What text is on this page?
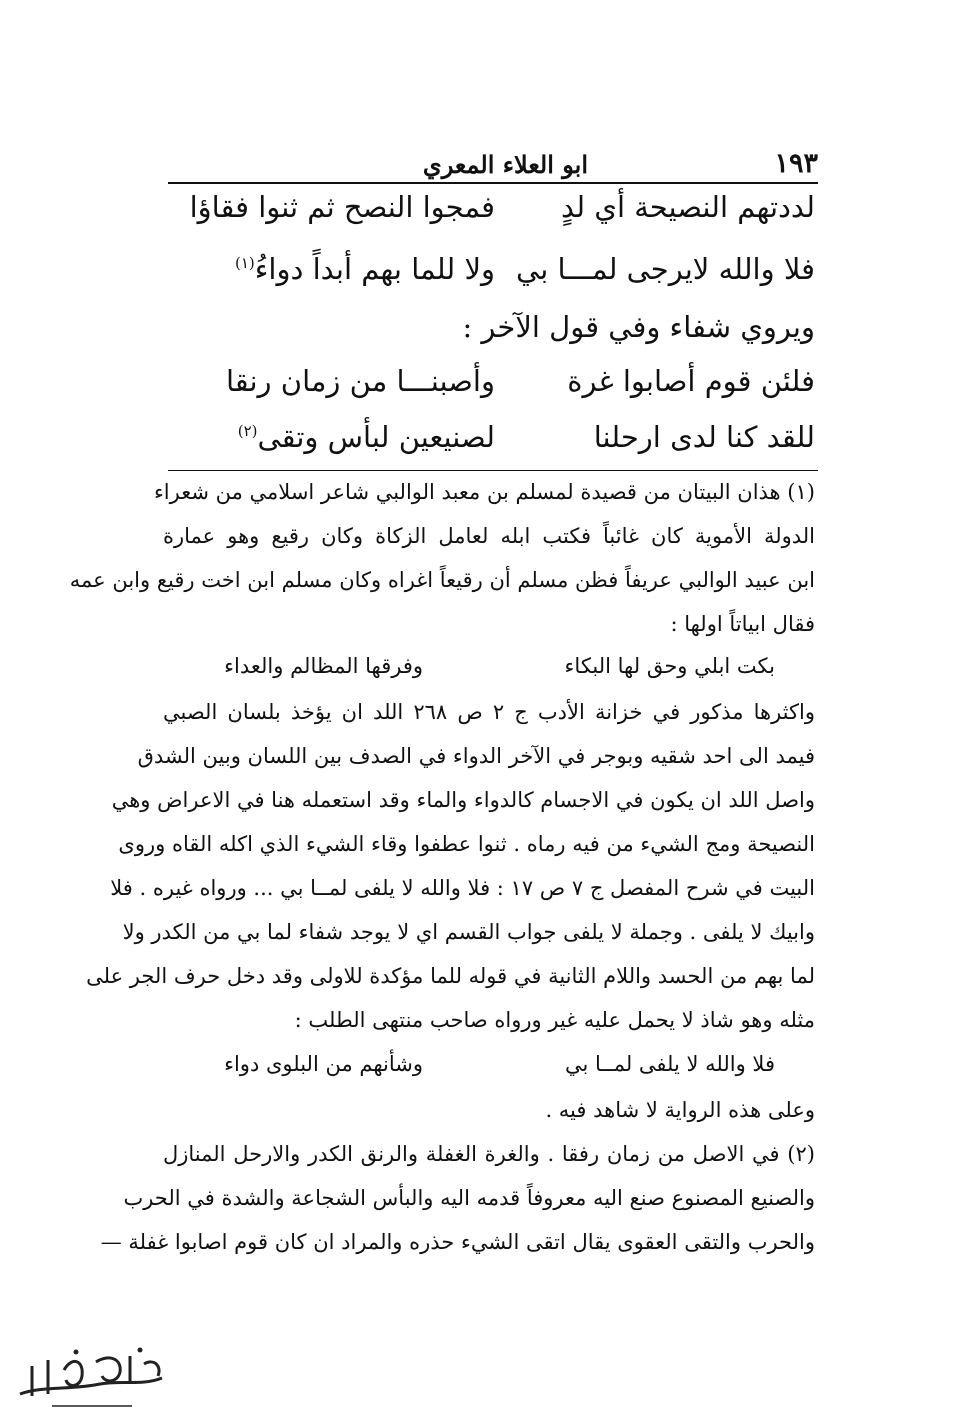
١٩٣
ابو العلاء المعري
لددتهم النصيحة أي لدٍ
فمجوا النصح ثم ثنوا فقاؤا
فلا والله لايرجى لمـــا بي
ولا للما بهم أبداً دواءُ$^{(١)}$
ويروي شفاء وفي قول الآخر :
فلئن قوم أصابوا غرة
وأصبنـــا من زمان رنقا
للقد كنا لدى ارحلنا
لصنيعين لبأس وتقى$^{(٢)}$
(١) هذان البيتان من قصيدة لمسلم بن معبد الوالبي شاعر اسلامي من شعراء
الدولة الأموية كان غائباً فكتب ابله لعامل الزكاة وكان رقيع وهو عمارة
ابن عبيد الوالبي عريفاً فظن مسلم أن رقيعاً اغراه وكان مسلم ابن اخت رقيع وابن عمه
فقال ابياتاً اولها :
بكت ابلي وحق لها البكاء
وفرقها المظالم والعداء
واكثرها مذكور في خزانة الأدب ج ٢ ص ٢٦٨ اللد ان يؤخذ بلسان الصبي
فيمد الى احد شقيه وبوجر في الآخر الدواء في الصدف بين اللسان وبين الشدق
واصل اللد ان يكون في الاجسام كالدواء والماء وقد استعمله هنا في الاعراض وهي
النصيحة ومج الشيء من فيه رماه . ثنوا عطفوا وقاء الشيء الذي اكله القاه وروى
البيت في شرح المفصل ج ٧ ص ١٧ : فلا والله لا يلفى لمــا بي ... ورواه غيره . فلا
وابيك لا يلفى . وجملة لا يلفى جواب القسم اي لا يوجد شفاء لما بي من الكدر ولا
لما بهم من الحسد واللام الثانية في قوله للما مؤكدة للاولى وقد دخل حرف الجر على
مثله وهو شاذ لا يحمل عليه غير ورواه صاحب منتهى الطلب :
فلا والله لا يلفى لمــا بي
وشأنهم من البلوى دواء
وعلى هذه الرواية لا شاهد فيه .
(٢) في الاصل من زمان رفقا . والغرة الغفلة والرنق الكدر والارحل المنازل
والصنيع المصنوع صنع اليه معروفاً قدمه اليه والبأس الشجاعة والشدة في الحرب
والحرب والتقى العقوى يقال اتقى الشيء حذره والمراد ان كان قوم اصابوا غفلة —
